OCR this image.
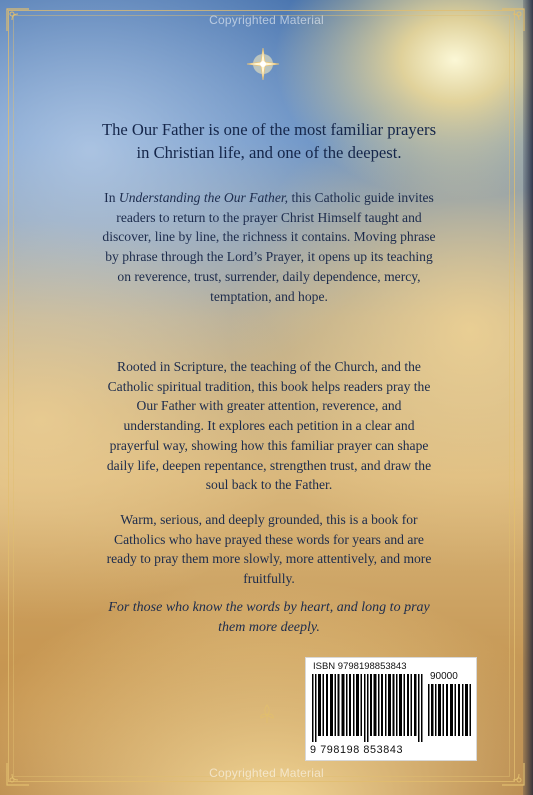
Copyrighted Material
The Our Father is one of the most familiar prayers in Christian life, and one of the deepest.
In Understanding the Our Father, this Catholic guide invites readers to return to the prayer Christ Himself taught and discover, line by line, the richness it contains. Moving phrase by phrase through the Lord’s Prayer, it opens up its teaching on reverence, trust, surrender, daily dependence, mercy, temptation, and hope.
Rooted in Scripture, the teaching of the Church, and the Catholic spiritual tradition, this book helps readers pray the Our Father with greater attention, reverence, and understanding. It explores each petition in a clear and prayerful way, showing how this familiar prayer can shape daily life, deepen repentance, strengthen trust, and draw the soul back to the Father.
Warm, serious, and deeply grounded, this is a book for Catholics who have prayed these words for years and are ready to pray them more slowly, more attentively, and more fruitfully.
For those who know the words by heart, and long to pray them more deeply.
ISBN 9798198853843
90000
9 798198 853843
Copyrighted Material
